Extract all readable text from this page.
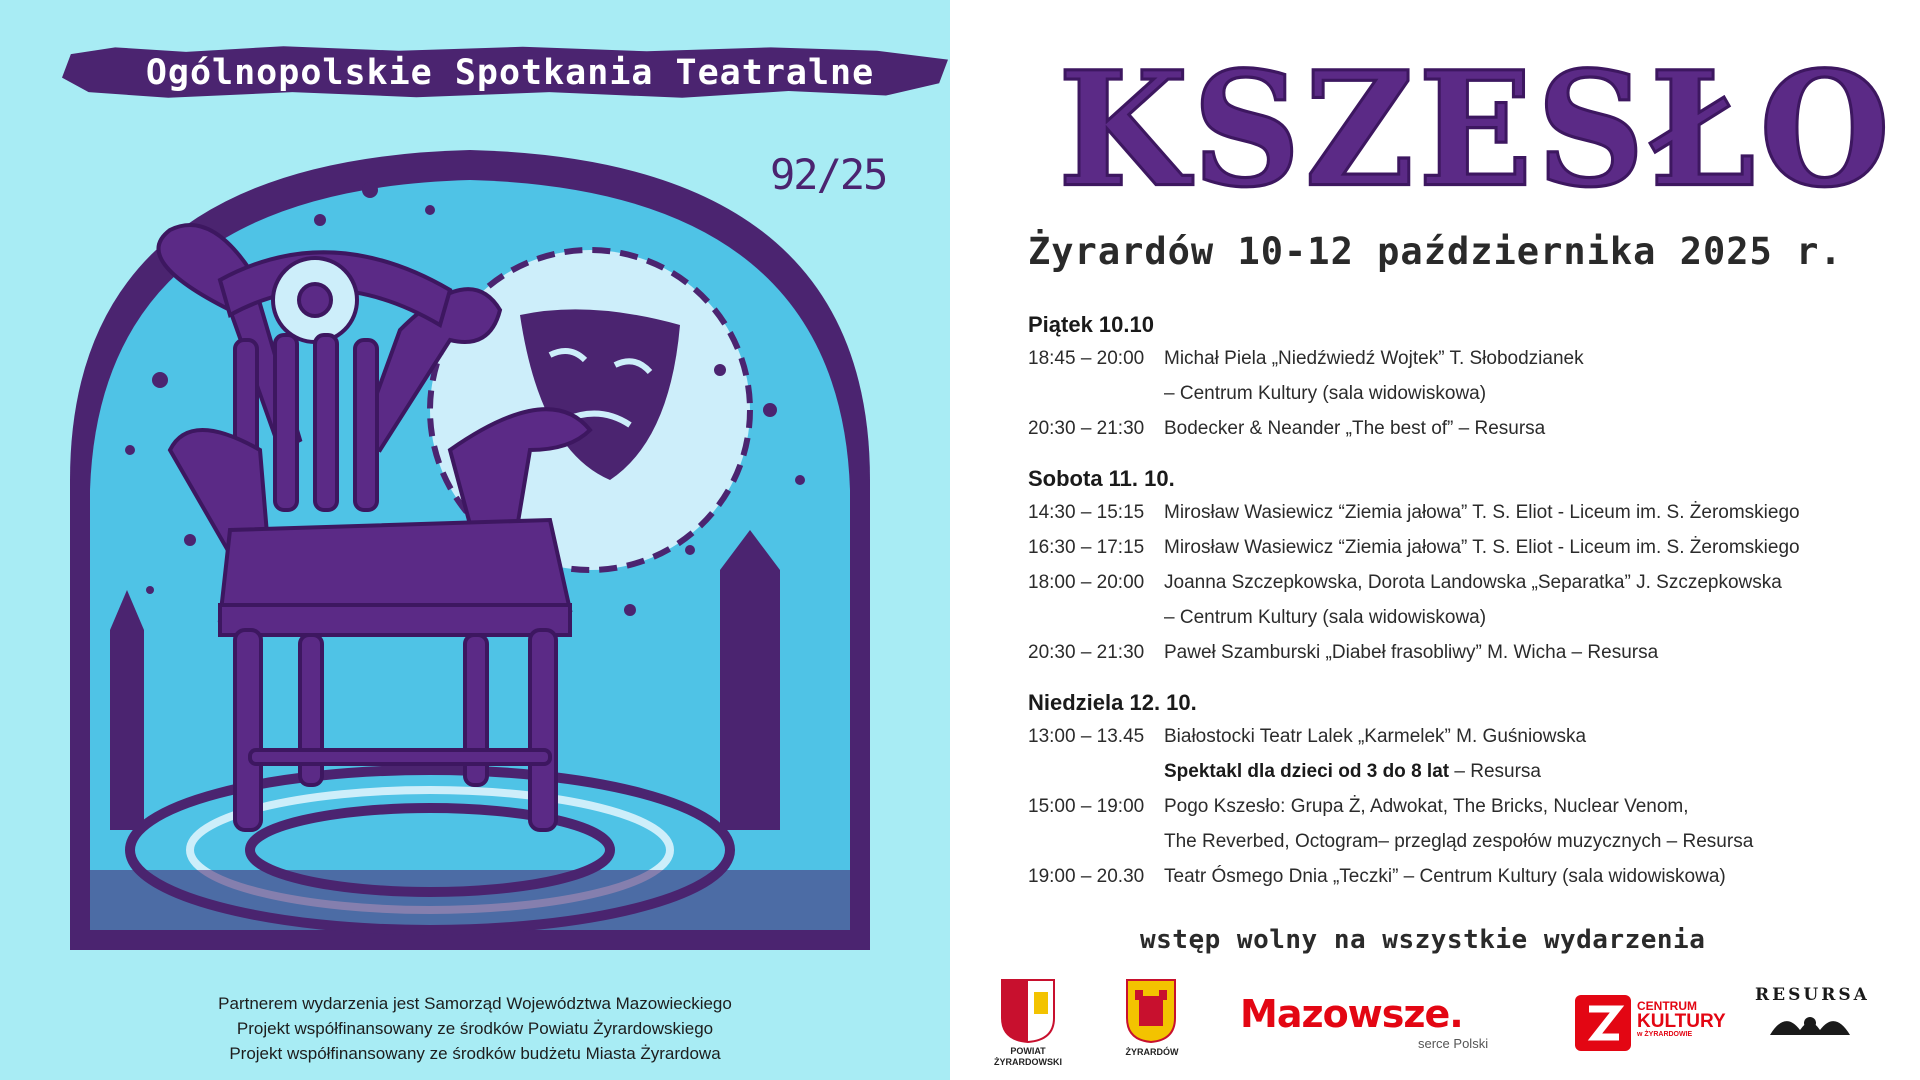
Ogólnopolskie Spotkania Teatralne
92/25
Partnerem wydarzenia jest Samorząd Województwa Mazowieckiego
Projekt współfinansowany ze środków Powiatu Żyrardowskiego
Projekt współfinansowany ze środków budżetu Miasta Żyrardowa
KSZESŁO
Żyrardów 10-12 października 2025 r.
Piątek 10.10
18:45 – 20:00 Michał Piela „Niedźwiedź Wojtek” T. Słobodzianek
– Centrum Kultury (sala widowiskowa)
20:30 – 21:30 Bodecker & Neander „The best of” – Resursa
Sobota 11. 10.
14:30 – 15:15 Mirosław Wasiewicz “Ziemia jałowa” T. S. Eliot - Liceum im. S. Żeromskiego
16:30 – 17:15 Mirosław Wasiewicz “Ziemia jałowa” T. S. Eliot - Liceum im. S. Żeromskiego
18:00 – 20:00 Joanna Szczepkowska, Dorota Landowska „Separatka” J. Szczepkowska
– Centrum Kultury (sala widowiskowa)
20:30 – 21:30 Paweł Szamburski „Diabeł frasobliwy” M. Wicha – Resursa
Niedziela 12. 10.
13:00 – 13.45 Białostocki Teatr Lalek „Karmelek” M. Guśniowska
Spektakl dla dzieci od 3 do 8 lat – Resursa
15:00 – 19:00 Pogo Kszesło: Grupa Ż, Adwokat, The Bricks, Nuclear Venom,
The Reverbed, Octogram– przegląd zespołów muzycznych – Resursa
19:00 – 20.30 Teatr Ósmego Dnia „Teczki” – Centrum Kultury (sala widowiskowa)
wstęp wolny na wszystkie wydarzenia
POWIAT
ŻYRARDOWSKI
ŻYRARDÓW
Mazowsze.
serce Polski
CENTRUM
KULTURY
w ŻYRARDOWIE
RESURSA
